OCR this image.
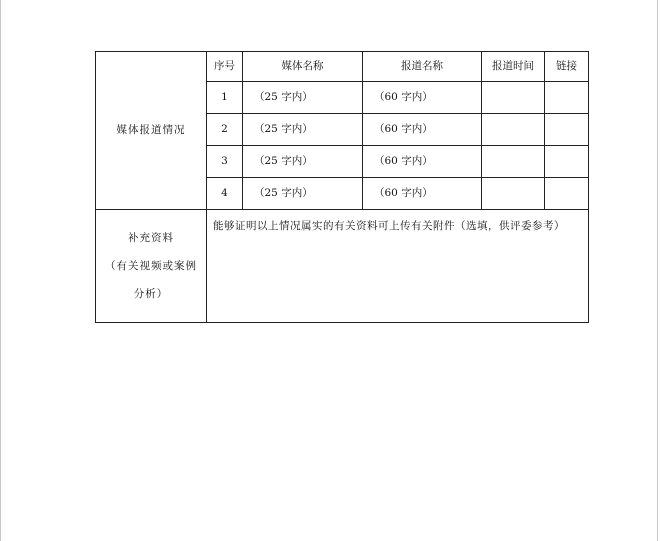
媒体报道情况	序号	媒体名称	报道名称	报道时间	链接
	1	（25 字内）	（60 字内）		
	2	（25 字内）	（60 字内）		
	3	（25 字内）	（60 字内）		
	4	（25 字内）	（60 字内）		

补充资料
（有关视频或案例
分析）	能够证明以上情况属实的有关资料可上传有关附件（选填，供评委参考）				
